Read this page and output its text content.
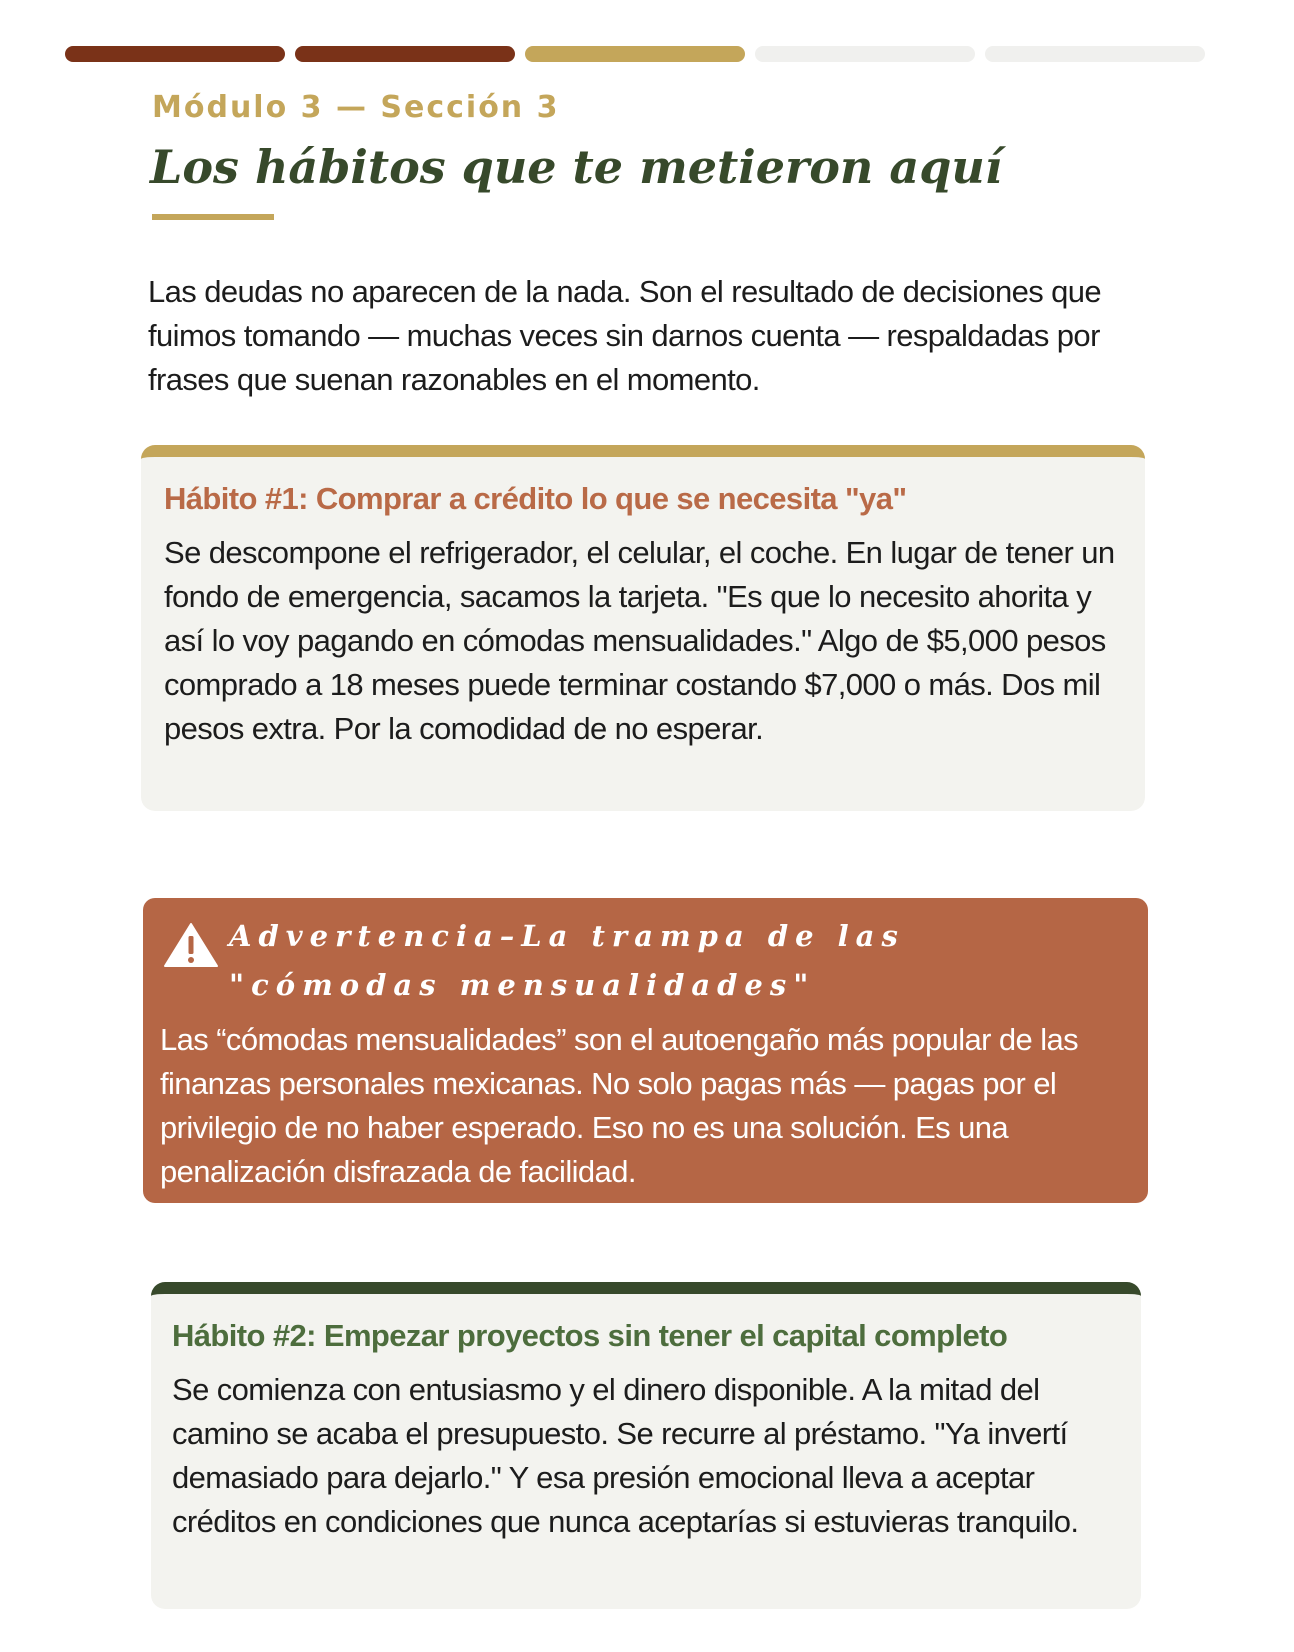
Módulo 3 — Sección 3
Los hábitos que te metieron aquí

Las deudas no aparecen de la nada. Son el resultado de decisiones que fuimos tomando — muchas veces sin darnos cuenta — respaldadas por frases que suenan razonables en el momento.

Hábito #1: Comprar a crédito lo que se necesita "ya"

Se descompone el refrigerador, el celular, el coche. En lugar de tener un fondo de emergencia, sacamos la tarjeta. "Es que lo necesito ahorita y así lo voy pagando en cómodas mensualidades." Algo de $5,000 pesos comprado a 18 meses puede terminar costando $7,000 o más. Dos mil pesos extra. Por la comodidad de no esperar.

Advertencia–La trampa de las "cómodas mensualidades"

Las “cómodas mensualidades” son el autoengaño más popular de las finanzas personales mexicanas. No solo pagas más — pagas por el privilegio de no haber esperado. Eso no es una solución. Es una penalización disfrazada de facilidad.

Hábito #2: Empezar proyectos sin tener el capital completo

Se comienza con entusiasmo y el dinero disponible. A la mitad del camino se acaba el presupuesto. Se recurre al préstamo. "Ya invertí demasiado para dejarlo." Y esa presión emocional lleva a aceptar créditos en condiciones que nunca aceptarías si estuvieras tranquilo.
